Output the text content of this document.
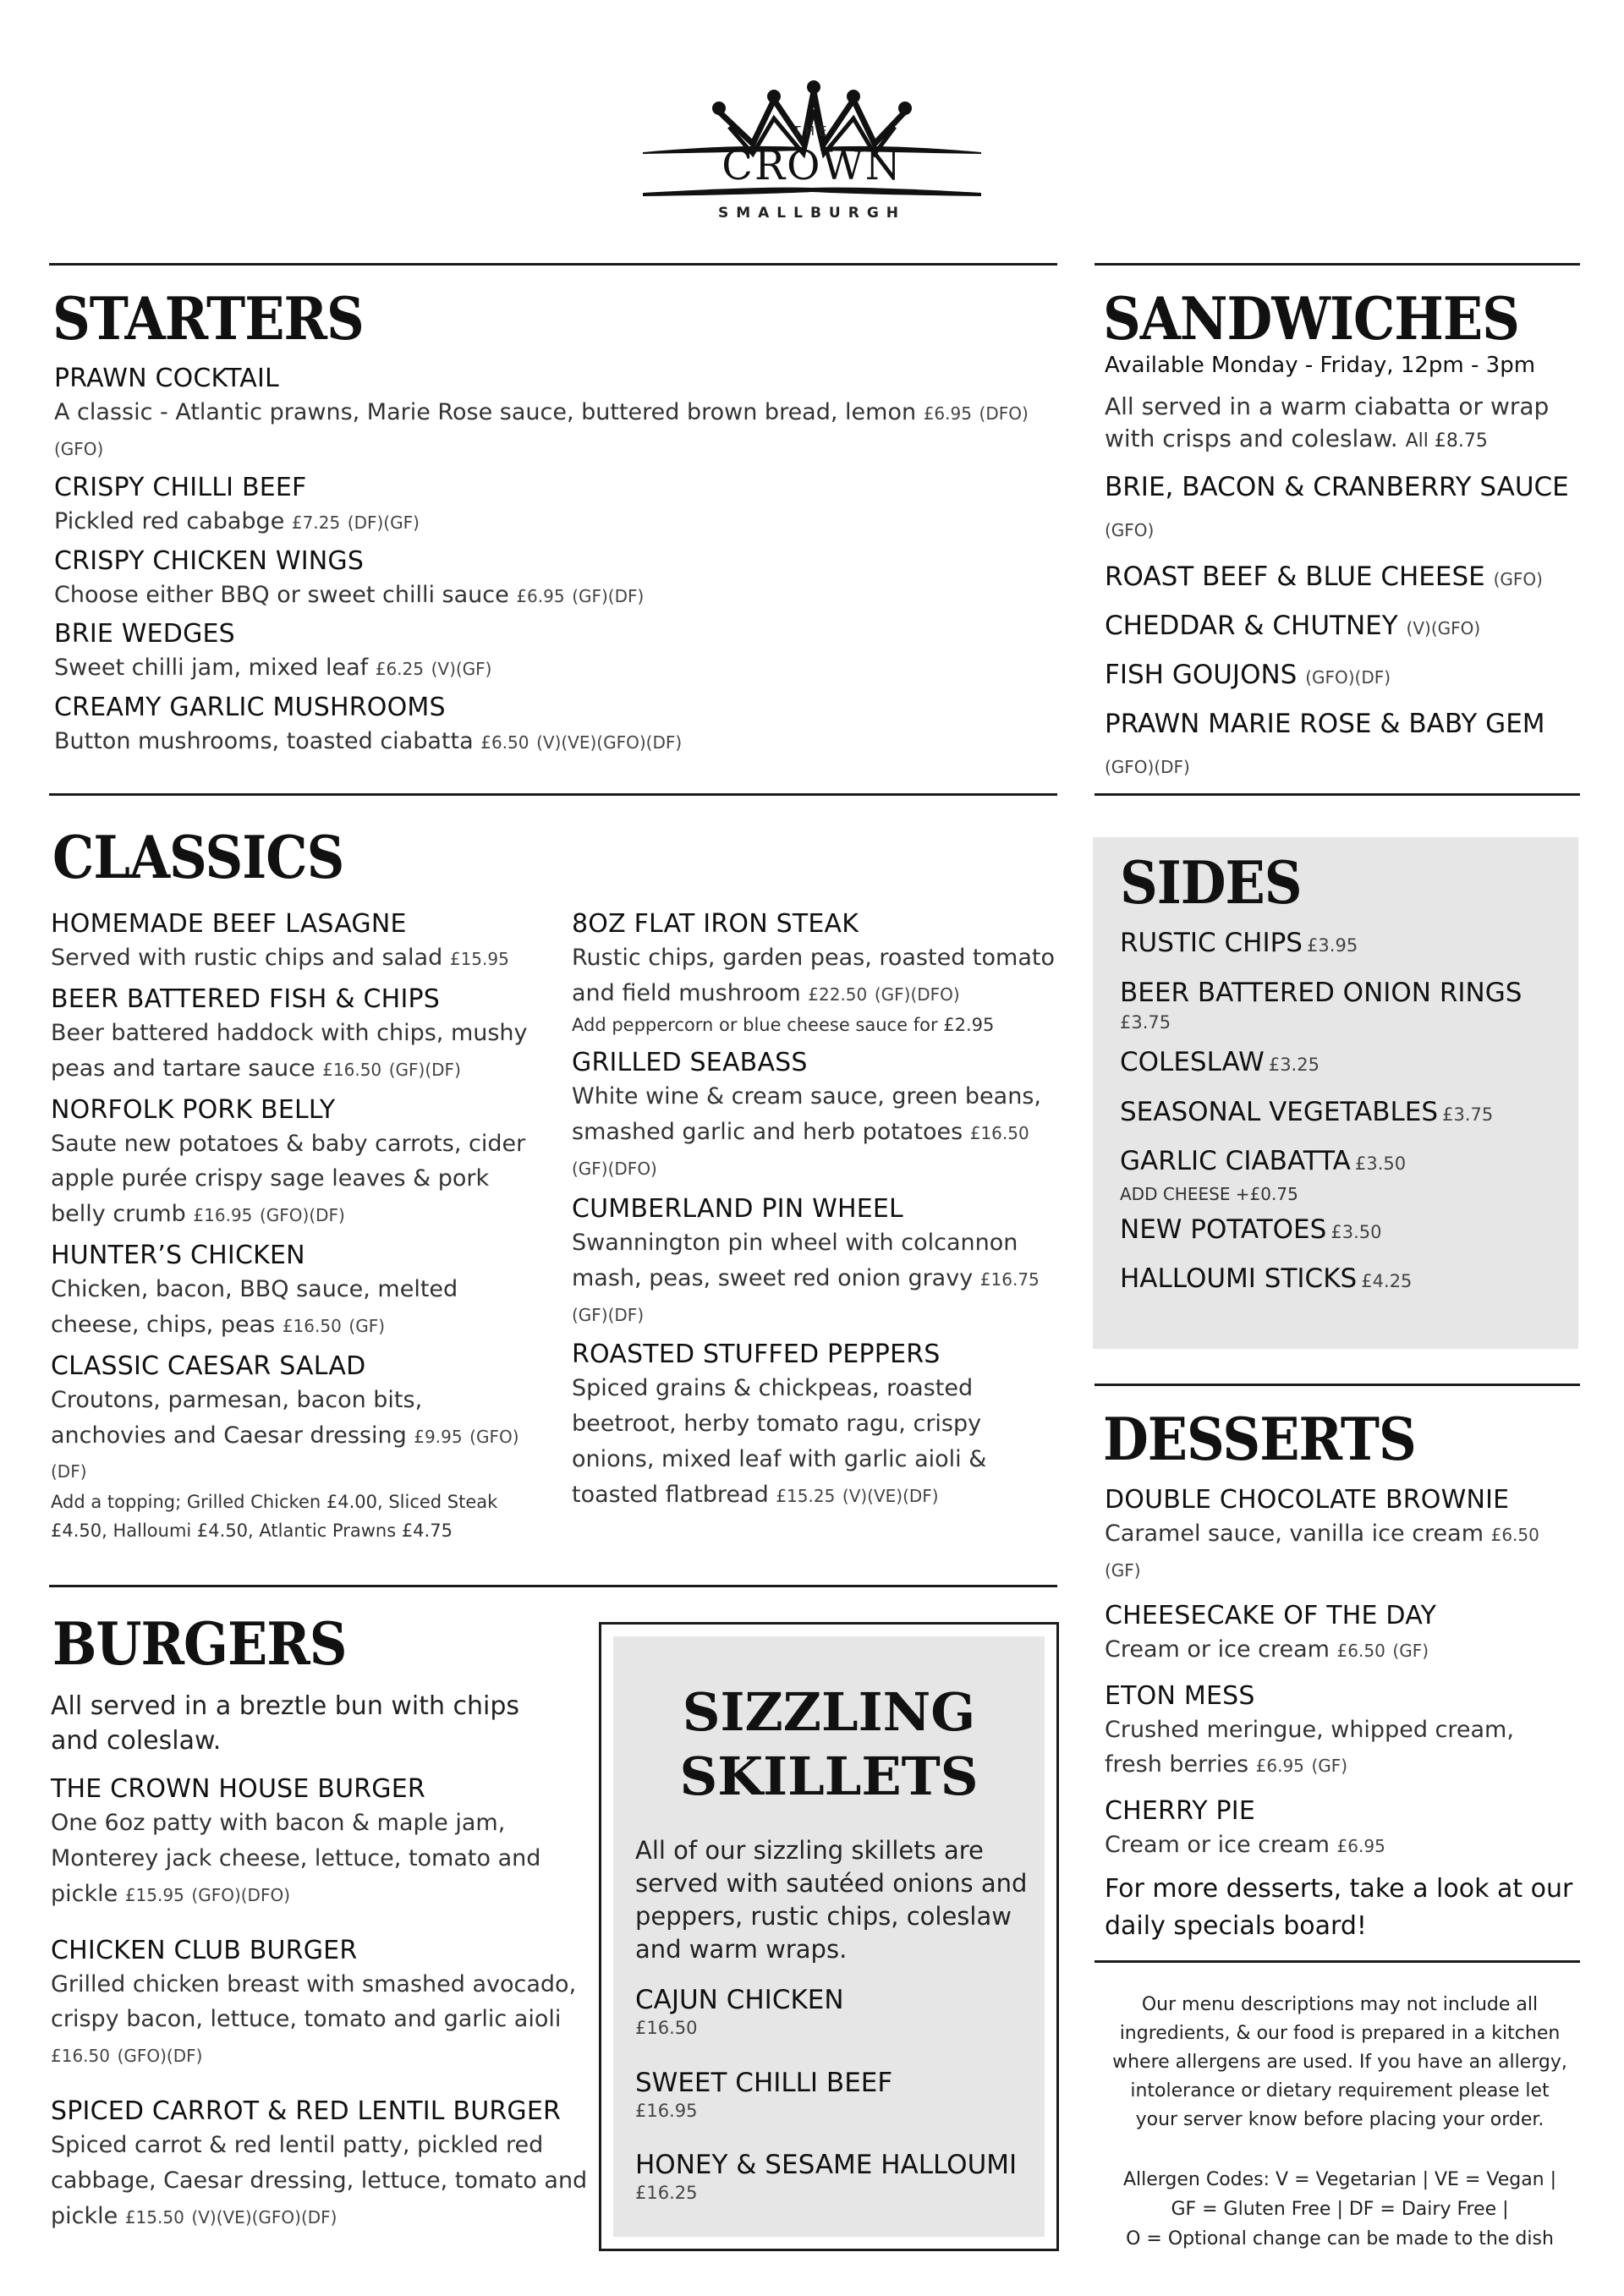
THE
CROWN
SMALLBURGH
STARTERS
PRAWN COCKTAIL
A classic - Atlantic prawns, Marie Rose sauce, buttered brown bread, lemon £6.95 (DFO)(GFO)
CRISPY CHILLI BEEF
Pickled red cababge £7.25 (DF)(GF)
CRISPY CHICKEN WINGS
Choose either BBQ or sweet chilli sauce £6.95 (GF)(DF)
BRIE WEDGES
Sweet chilli jam, mixed leaf £6.25 (V)(GF)
CREAMY GARLIC MUSHROOMS
Button mushrooms, toasted ciabatta £6.50 (V)(VE)(GFO)(DF)
SANDWICHES
Available Monday - Friday, 12pm - 3pm
All served in a warm ciabatta or wrap with crisps and coleslaw. All £8.75
BRIE, BACON & CRANBERRY SAUCE (GFO)
ROAST BEEF & BLUE CHEESE (GFO)
CHEDDAR & CHUTNEY (V)(GFO)
FISH GOUJONS (GFO)(DF)
PRAWN MARIE ROSE & BABY GEM (GFO)(DF)
CLASSICS
HOMEMADE BEEF LASAGNE
Served with rustic chips and salad £15.95
BEER BATTERED FISH & CHIPS
Beer battered haddock with chips, mushy peas and tartare sauce £16.50 (GF)(DF)
NORFOLK PORK BELLY
Saute new potatoes & baby carrots, cider apple purée crispy sage leaves & pork belly crumb £16.95 (GFO)(DF)
HUNTER’S CHICKEN
Chicken, bacon, BBQ sauce, melted cheese, chips, peas £16.50 (GF)
CLASSIC CAESAR SALAD
Croutons, parmesan, bacon bits, anchovies and Caesar dressing £9.95 (GFO)(DF)
Add a topping; Grilled Chicken £4.00, Sliced Steak £4.50, Halloumi £4.50, Atlantic Prawns £4.75
8OZ FLAT IRON STEAK
Rustic chips, garden peas, roasted tomato and field mushroom £22.50 (GF)(DFO)
Add peppercorn or blue cheese sauce for £2.95
GRILLED SEABASS
White wine & cream sauce, green beans, smashed garlic and herb potatoes £16.50 (GF)(DFO)
CUMBERLAND PIN WHEEL
Swannington pin wheel with colcannon mash, peas, sweet red onion gravy £16.75 (GF)(DF)
ROASTED STUFFED PEPPERS
Spiced grains & chickpeas, roasted beetroot, herby tomato ragu, crispy onions, mixed leaf with garlic aioli & toasted flatbread £15.25 (V)(VE)(DF)
SIDES
RUSTIC CHIPS £3.95
BEER BATTERED ONION RINGS £3.75
COLESLAW £3.25
SEASONAL VEGETABLES £3.75
GARLIC CIABATTA £3.50
ADD CHEESE +£0.75
NEW POTATOES £3.50
HALLOUMI STICKS £4.25
DESSERTS
DOUBLE CHOCOLATE BROWNIE
Caramel sauce, vanilla ice cream £6.50 (GF)
CHEESECAKE OF THE DAY
Cream or ice cream £6.50 (GF)
ETON MESS
Crushed meringue, whipped cream, fresh berries £6.95 (GF)
CHERRY PIE
Cream or ice cream £6.95
For more desserts, take a look at our daily specials board!
Our menu descriptions may not include all ingredients, & our food is prepared in a kitchen where allergens are used. If you have an allergy, intolerance or dietary requirement please let your server know before placing your order.
Allergen Codes: V = Vegetarian | VE = Vegan | GF = Gluten Free | DF = Dairy Free |
O = Optional change can be made to the dish
BURGERS
All served in a breztle bun with chips and coleslaw.
THE CROWN HOUSE BURGER
One 6oz patty with bacon & maple jam, Monterey jack cheese, lettuce, tomato and pickle £15.95 (GFO)(DFO)
CHICKEN CLUB BURGER
Grilled chicken breast with smashed avocado, crispy bacon, lettuce, tomato and garlic aioli £16.50 (GFO)(DF)
SPICED CARROT & RED LENTIL BURGER
Spiced carrot & red lentil patty, pickled red cabbage, Caesar dressing, lettuce, tomato and pickle £15.50 (V)(VE)(GFO)(DF)
SIZZLING
SKILLETS
All of our sizzling skillets are served with sautéed onions and peppers, rustic chips, coleslaw and warm wraps.
CAJUN CHICKEN
£16.50
SWEET CHILLI BEEF
£16.95
HONEY & SESAME HALLOUMI
£16.25
